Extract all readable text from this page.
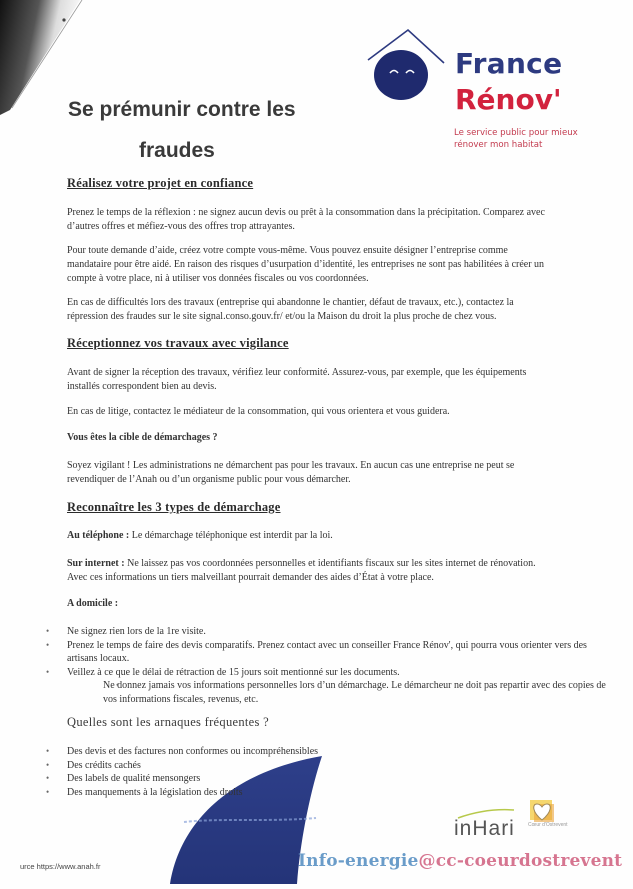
Se prémunir contre les
fraudes
France
Rénov'
Le service public pour mieux
rénover mon habitat
Réalisez votre projet en confiance
Prenez le temps de la réflexion : ne signez aucun devis ou prêt à la consommation dans la précipitation. Comparez avec
d’autres offres et méfiez-vous des offres trop attrayantes.
Pour toute demande d’aide, créez votre compte vous-même. Vous pouvez ensuite désigner l’entreprise comme
mandataire pour être aidé. En raison des risques d’usurpation d’identité, les entreprises ne sont pas habilitées à créer un
compte à votre place, ni à utiliser vos données fiscales ou vos coordonnées.
En cas de difficultés lors des travaux (entreprise qui abandonne le chantier, défaut de travaux, etc.), contactez la
répression des fraudes sur le site signal.conso.gouv.fr/ et/ou la Maison du droit la plus proche de chez vous.
Réceptionnez vos travaux avec vigilance
Avant de signer la réception des travaux, vérifiez leur conformité. Assurez-vous, par exemple, que les équipements
installés correspondent bien au devis.
En cas de litige, contactez le médiateur de la consommation, qui vous orientera et vous guidera.
Vous êtes la cible de démarchages ?
Soyez vigilant ! Les administrations ne démarchent pas pour les travaux. En aucun cas une entreprise ne peut se
revendiquer de l’Anah ou d’un organisme public pour vous démarcher.
Reconnaître les 3 types de démarchage
Au téléphone : Le démarchage téléphonique est interdit par la loi.
Sur internet : Ne laissez pas vos coordonnées personnelles et identifiants fiscaux sur les sites internet de rénovation.
Avec ces informations un tiers malveillant pourrait demander des aides d’État à votre place.
A domicile :
• Ne signez rien lors de la 1re visite.
• Prenez le temps de faire des devis comparatifs. Prenez contact avec un conseiller France Rénov', qui pourra vous orienter vers des artisans locaux.
• Veillez à ce que le délai de rétraction de 15 jours soit mentionné sur les documents.
• Ne donnez jamais vos informations personnelles lors d’un démarchage. Le démarcheur ne doit pas repartir avec des copies de vos informations fiscales, revenus, etc.
Quelles sont les arnaques fréquentes ?
• Des devis et des factures non conformes ou incompréhensibles
• Des crédits cachés
• Des labels de qualité mensongers
• Des manquements à la législation des droits
inHari	Cœur d'Ostrevent
urce https://www.anah.fr	Info-energie@cc-coeurdostrevent
